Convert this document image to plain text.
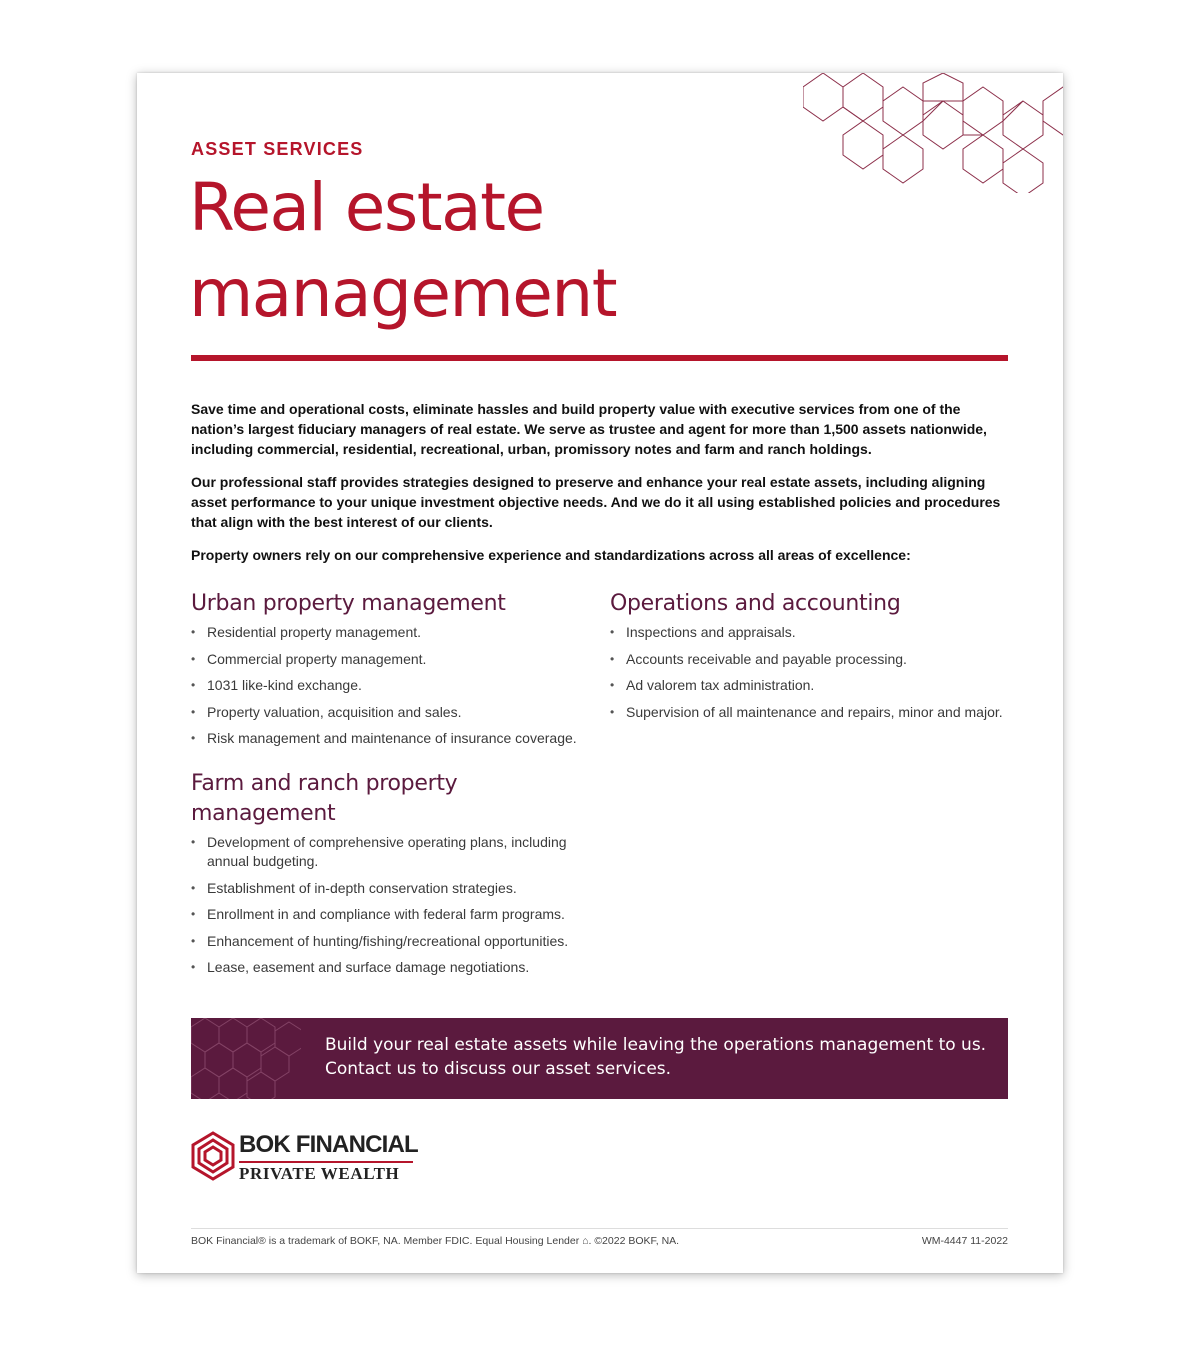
ASSET SERVICES
Real estate management

Save time and operational costs, eliminate hassles and build property value with executive services from one of the nation’s largest fiduciary managers of real estate. We serve as trustee and agent for more than 1,500 assets nationwide, including commercial, residential, recreational, urban, promissory notes and farm and ranch holdings.

Our professional staff provides strategies designed to preserve and enhance your real estate assets, including aligning asset performance to your unique investment objective needs. And we do it all using established policies and procedures that align with the best interest of our clients.

Property owners rely on our comprehensive experience and standardizations across all areas of excellence:

Urban property management
• Residential property management.
• Commercial property management.
• 1031 like-kind exchange.
• Property valuation, acquisition and sales.
• Risk management and maintenance of insurance coverage.
Farm and ranch property management
• Development of comprehensive operating plans, including annual budgeting.
• Establishment of in-depth conservation strategies.
• Enrollment in and compliance with federal farm programs.
• Enhancement of hunting/fishing/recreational opportunities.
• Lease, easement and surface damage negotiations.
Operations and accounting
• Inspections and appraisals.
• Accounts receivable and payable processing.
• Ad valorem tax administration.
• Supervision of all maintenance and repairs, minor and major.
Build your real estate assets while leaving the operations management to us.
Contact us to discuss our asset services.
BOK FINANCIAL
PRIVATE WEALTH
BOK Financial® is a trademark of BOKF, NA. Member FDIC. Equal Housing Lender ⌂. ©2022 BOKF, NA.	WM-4447 11-2022
